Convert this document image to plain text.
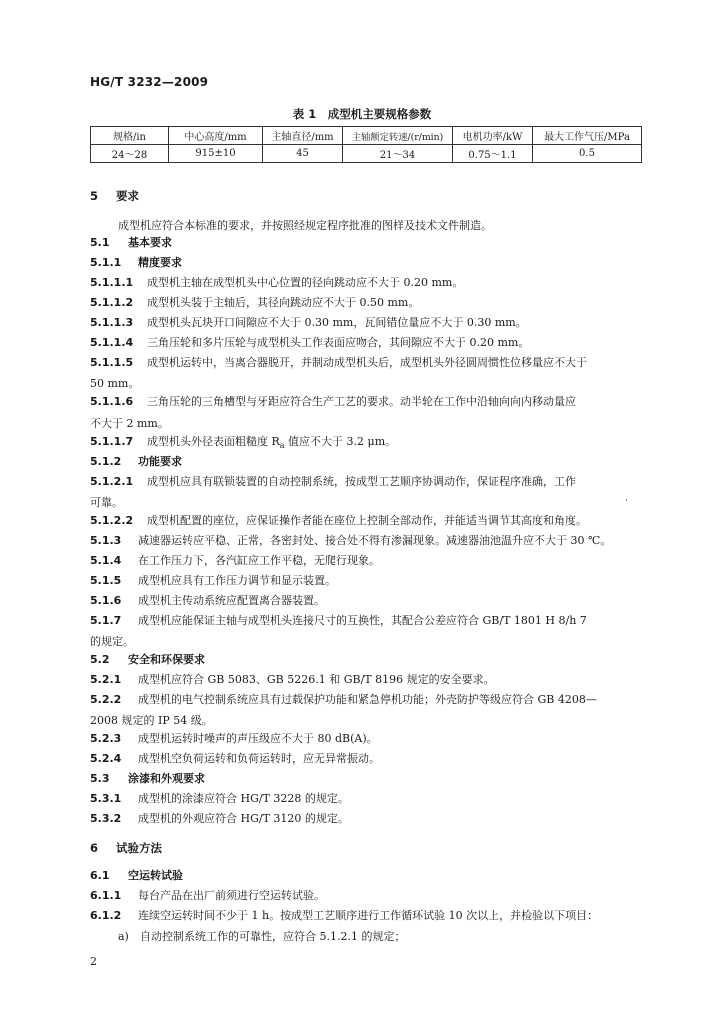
HG/T 3232—2009
表 1　成型机主要规格参数
规格/in	中心高度/mm	主轴直径/mm	主轴额定转速/(r/min)	电机功率/kW	最大工作气压/MPa
24～28	915±10	45	21～34	0.75～1.1	0.5
5 要求
成型机应符合本标准的要求，并按照经规定程序批准的图样及技术文件制造。
5.1 基本要求
5.1.1 精度要求
5.1.1.1 成型机主轴在成型机头中心位置的径向跳动应不大于 0.20 mm。
5.1.1.2 成型机头装于主轴后，其径向跳动应不大于 0.50 mm。
5.1.1.3 成型机头瓦块开口间隙应不大于 0.30 mm，瓦间错位量应不大于 0.30 mm。
5.1.1.4 三角压轮和多片压轮与成型机头工作表面应吻合，其间隙应不大于 0.20 mm。
5.1.1.5 成型机运转中，当离合器脱开，并制动成型机头后，成型机头外径圆周惯性位移量应不大于
50 mm。
5.1.1.6 三角压轮的三角槽型与牙距应符合生产工艺的要求。动半轮在工作中沿轴向向内移动量应
不大于 2 mm。
5.1.1.7 成型机头外径表面粗糙度 $R_a$ 值应不大于 3.2 μm。
5.1.2 功能要求
5.1.2.1 成型机应具有联锁装置的自动控制系统，按成型工艺顺序协调动作，保证程序准确，工作
可靠。	·
5.1.2.2 成型机配置的座位，应保证操作者能在座位上控制全部动作，并能适当调节其高度和角度。
5.1.3 减速器运转应平稳、正常，各密封处、接合处不得有渗漏现象。减速器油池温升应不大于 30 ℃。
5.1.4 在工作压力下，各汽缸应工作平稳，无爬行现象。
5.1.5 成型机应具有工作压力调节和显示装置。
5.1.6 成型机主传动系统应配置离合器装置。
5.1.7 成型机应能保证主轴与成型机头连接尺寸的互换性，其配合公差应符合 GB/T 1801 H 8/h 7
的规定。
5.2 安全和环保要求
5.2.1 成型机应符合 GB 5083、GB 5226.1 和 GB/T 8196 规定的安全要求。
5.2.2 成型机的电气控制系统应具有过载保护功能和紧急停机功能；外壳防护等级应符合 GB 4208—
2008 规定的 IP 54 级。
5.2.3 成型机运转时噪声的声压级应不大于 80 dB(A)。
5.2.4 成型机空负荷运转和负荷运转时，应无异常振动。
5.3 涂漆和外观要求
5.3.1 成型机的涂漆应符合 HG/T 3228 的规定。
5.3.2 成型机的外观应符合 HG/T 3120 的规定。
6 试验方法
6.1 空运转试验
6.1.1 每台产品在出厂前须进行空运转试验。
6.1.2 连续空运转时间不少于 1 h。按成型工艺顺序进行工作循环试验 10 次以上，并检验以下项目：
a) 自动控制系统工作的可靠性，应符合 5.1.2.1 的规定；
2
